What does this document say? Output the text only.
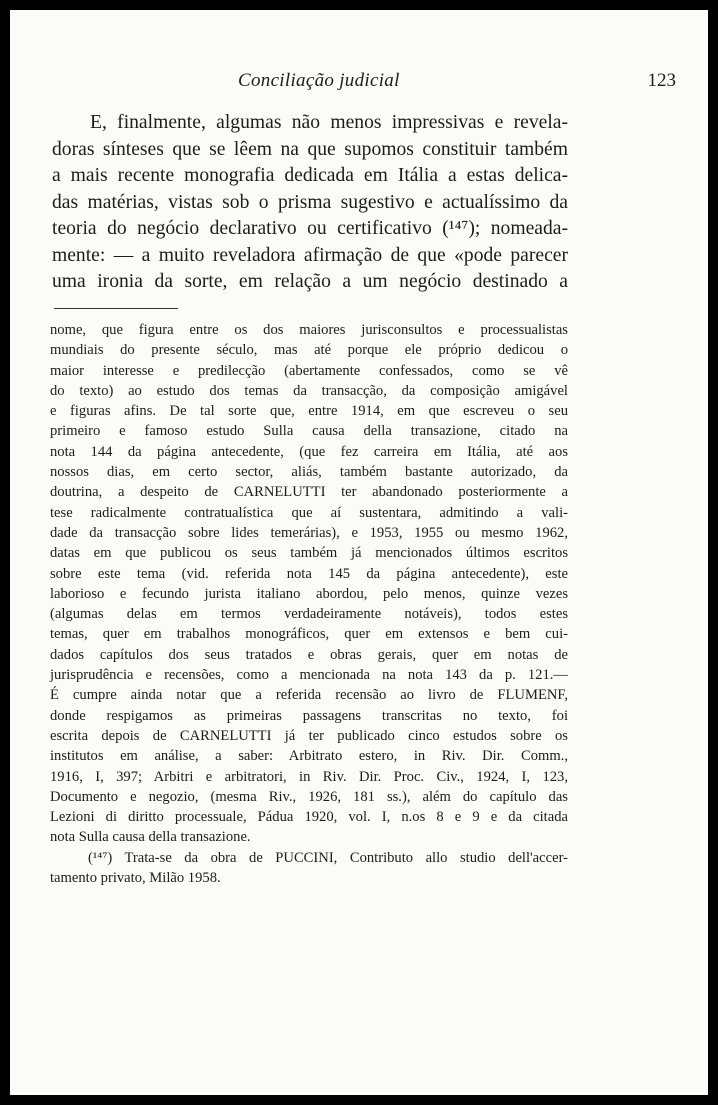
Conciliação judicial	123
E, finalmente, algumas não menos impressivas e revela-
doras sínteses que se lêem na que supomos constituir também
a mais recente monografia dedicada em Itália a estas delica-
das matérias, vistas sob o prisma sugestivo e actualíssimo da
teoria do negócio declarativo ou certificativo (¹⁴⁷); nomeada-
mente: — a muito reveladora afirmação de que «pode parecer
uma ironia da sorte, em relação a um negócio destinado a
nome, que figura entre os dos maiores jurisconsultos e processualistas
mundiais do presente século, mas até porque ele próprio dedicou o
maior interesse e predilecção (abertamente confessados, como se vê
do texto) ao estudo dos temas da transacção, da composição amigável
e figuras afins. De tal sorte que, entre 1914, em que escreveu o seu
primeiro e famoso estudo Sulla causa della transazione, citado na
nota 144 da página antecedente, (que fez carreira em Itália, até aos
nossos dias, em certo sector, aliás, também bastante autorizado, da
doutrina, a despeito de CARNELUTTI ter abandonado posteriormente a
tese radicalmente contratualística que aí sustentara, admitindo a vali-
dade da transacção sobre lides temerárias), e 1953, 1955 ou mesmo 1962,
datas em que publicou os seus também já mencionados últimos escritos
sobre este tema (vid. referida nota 145 da página antecedente), este
laborioso e fecundo jurista italiano abordou, pelo menos, quinze vezes
(algumas delas em termos verdadeiramente notáveis), todos estes
temas, quer em trabalhos monográficos, quer em extensos e bem cui-
dados capítulos dos seus tratados e obras gerais, quer em notas de
jurisprudência e recensões, como a mencionada na nota 143 da p. 121.—
É cumpre ainda notar que a referida recensão ao livro de FLUMENF,
donde respigamos as primeiras passagens transcritas no texto, foi
escrita depois de CARNELUTTI já ter publicado cinco estudos sobre os
institutos em análise, a saber: Arbitrato estero, in Riv. Dir. Comm.,
1916, I, 397; Arbitri e arbitratori, in Riv. Dir. Proc. Civ., 1924, I, 123,
Documento e negozio, (mesma Riv., 1926, 181 ss.), além do capítulo das
Lezioni di diritto processuale, Pádua 1920, vol. I, n.os 8 e 9 e da citada
nota Sulla causa della transazione.
(¹⁴⁷) Trata-se da obra de PUCCINI, Contributo allo studio dell'accer-
tamento privato, Milão 1958.
